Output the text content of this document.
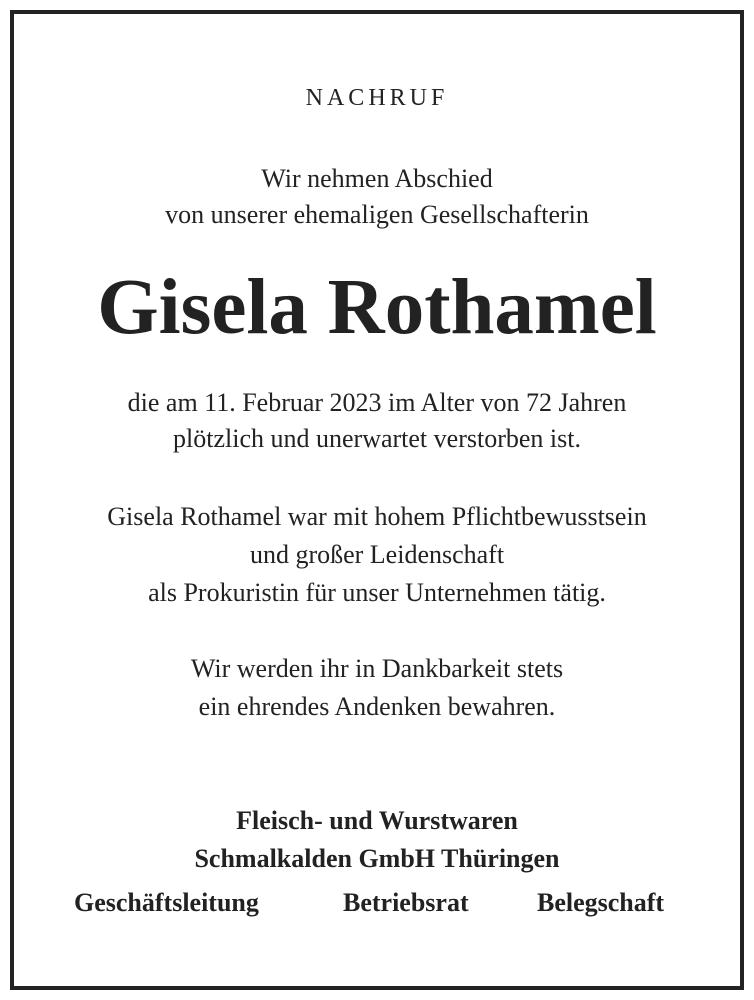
NACHRUF
Wir nehmen Abschied
von unserer ehemaligen Gesellschafterin
Gisela Rothamel
die am 11. Februar 2023 im Alter von 72 Jahren
plötzlich und unerwartet verstorben ist.
Gisela Rothamel war mit hohem Pflichtbewusstsein
und großer Leidenschaft
als Prokuristin für unser Unternehmen tätig.
Wir werden ihr in Dankbarkeit stets
ein ehrendes Andenken bewahren.
Fleisch- und Wurstwaren
Schmalkalden GmbH Thüringen
Geschäftsleitung	Betriebsrat	Belegschaft
